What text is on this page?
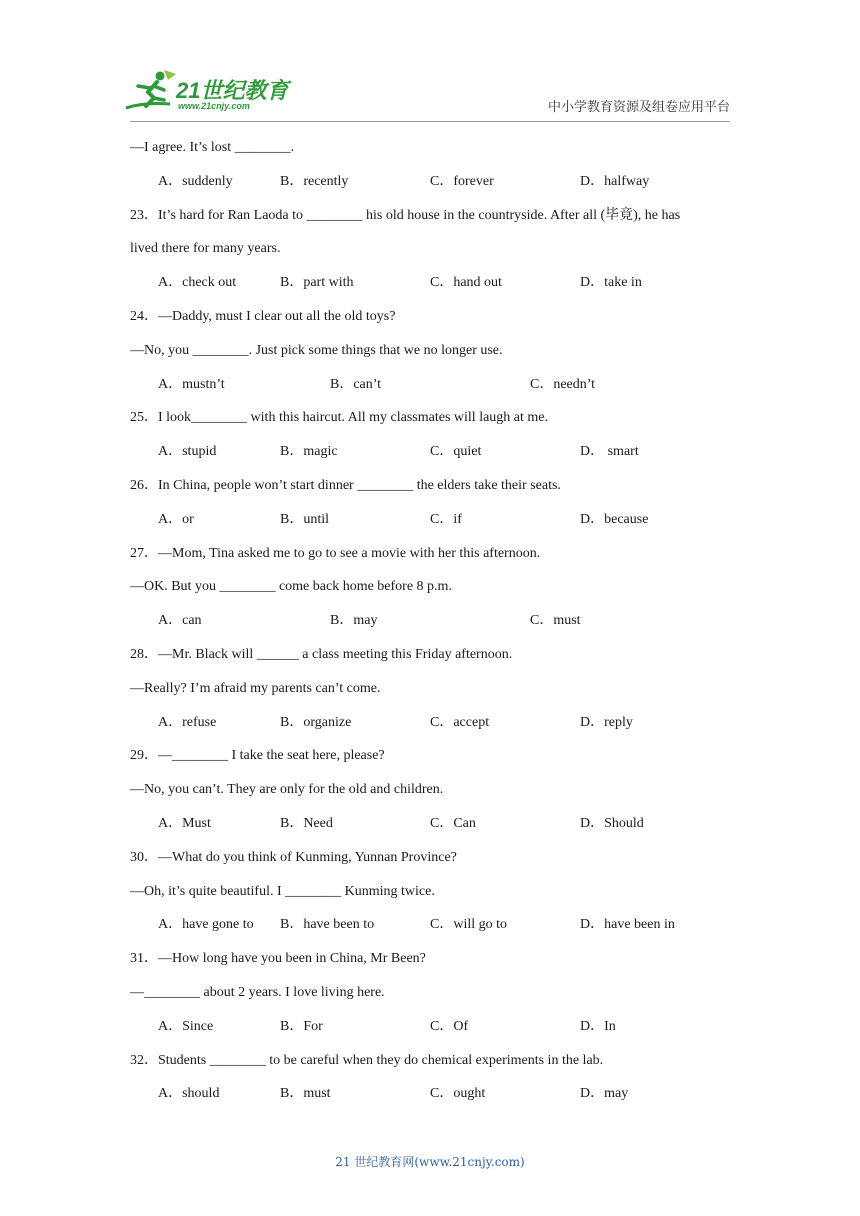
21世纪教育
www.21cnjy.com	中小学教育资源及组卷应用平台
—I agree. It’s lost ________.
A．suddenly	B．recently	C．forever	D．halfway
23．It’s hard for Ran Laoda to ________ his old house in the countryside. After all (毕竟), he has
lived there for many years.
A．check out	B．part with	C．hand out	D．take in
24．—Daddy, must I clear out all the old toys?
—No, you ________. Just pick some things that we no longer use.
A．mustn’t	B．can’t	C．needn’t
25．I look________ with this haircut. All my classmates will laugh at me.
A．stupid	B．magic	C．quiet	D． smart
26．In China, people won’t start dinner ________ the elders take their seats.
A．or	B．until	C．if	D．because
27．—Mom, Tina asked me to go to see a movie with her this afternoon.
—OK. But you ________ come back home before 8 p.m.
A．can	B．may	C．must
28．—Mr. Black will ______ a class meeting this Friday afternoon.
—Really? I’m afraid my parents can’t come.
A．refuse	B．organize	C．accept	D．reply
29．—________ I take the seat here, please?
—No, you can’t. They are only for the old and children.
A．Must	B．Need	C．Can	D．Should
30．—What do you think of Kunming, Yunnan Province?
—Oh, it’s quite beautiful. I ________ Kunming twice.
A．have gone to B．have been to	C．will go to	D．have been in
31．—How long have you been in China, Mr Been?
—________ about 2 years. I love living here.
A．Since	B．For	C．Of	D．In
32．Students ________ to be careful when they do chemical experiments in the lab.
A．should	B．must	C．ought	D．may
21 世纪教育网(www.21cnjy.com)
